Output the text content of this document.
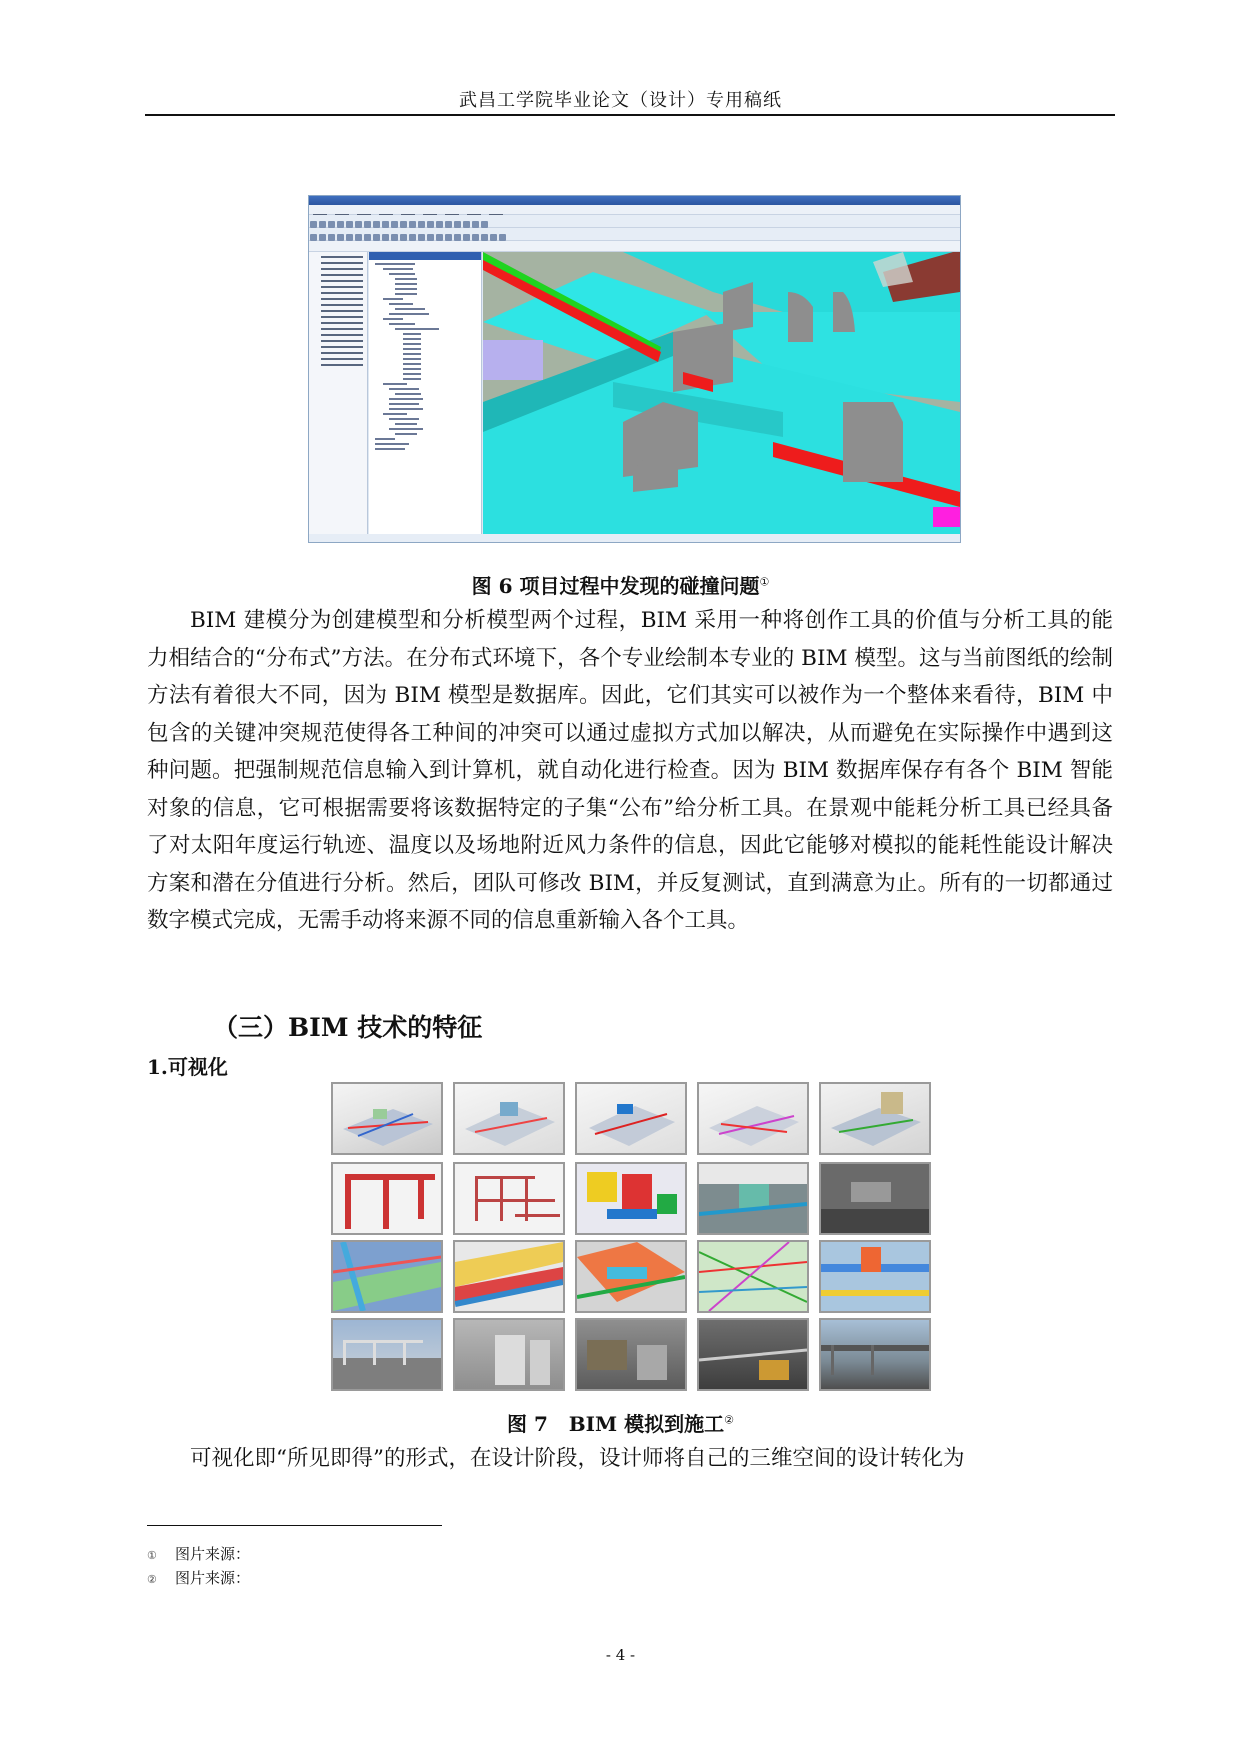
武昌工学院毕业论文（设计）专用稿纸
图 6 项目过程中发现的碰撞问题①

BIM 建模分为创建模型和分析模型两个过程，BIM 采用一种将创作工具的价值与分析工具的能力相结合的“分布式”方法。在分布式环境下，各个专业绘制本专业的 BIM 模型。这与当前图纸的绘制方法有着很大不同，因为 BIM 模型是数据库。因此，它们其实可以被作为一个整体来看待，BIM 中包含的关键冲突规范使得各工种间的冲突可以通过虚拟方式加以解决，从而避免在实际操作中遇到这种问题。把强制规范信息输入到计算机，就自动化进行检查。因为 BIM 数据库保存有各个 BIM 智能对象的信息，它可根据需要将该数据特定的子集“公布”给分析工具。在景观中能耗分析工具已经具备了对太阳年度运行轨迹、温度以及场地附近风力条件的信息，因此它能够对模拟的能耗性能设计解决方案和潜在分值进行分析。然后，团队可修改 BIM，并反复测试，直到满意为止。所有的一切都通过数字模式完成，无需手动将来源不同的信息重新输入各个工具。

（三）BIM 技术的特征
1.可视化
图 7 BIM 模拟到施工②

可视化即“所见即得”的形式，在设计阶段，设计师将自己的三维空间的设计转化为

① 图片来源：
② 图片来源：
- 4 -
